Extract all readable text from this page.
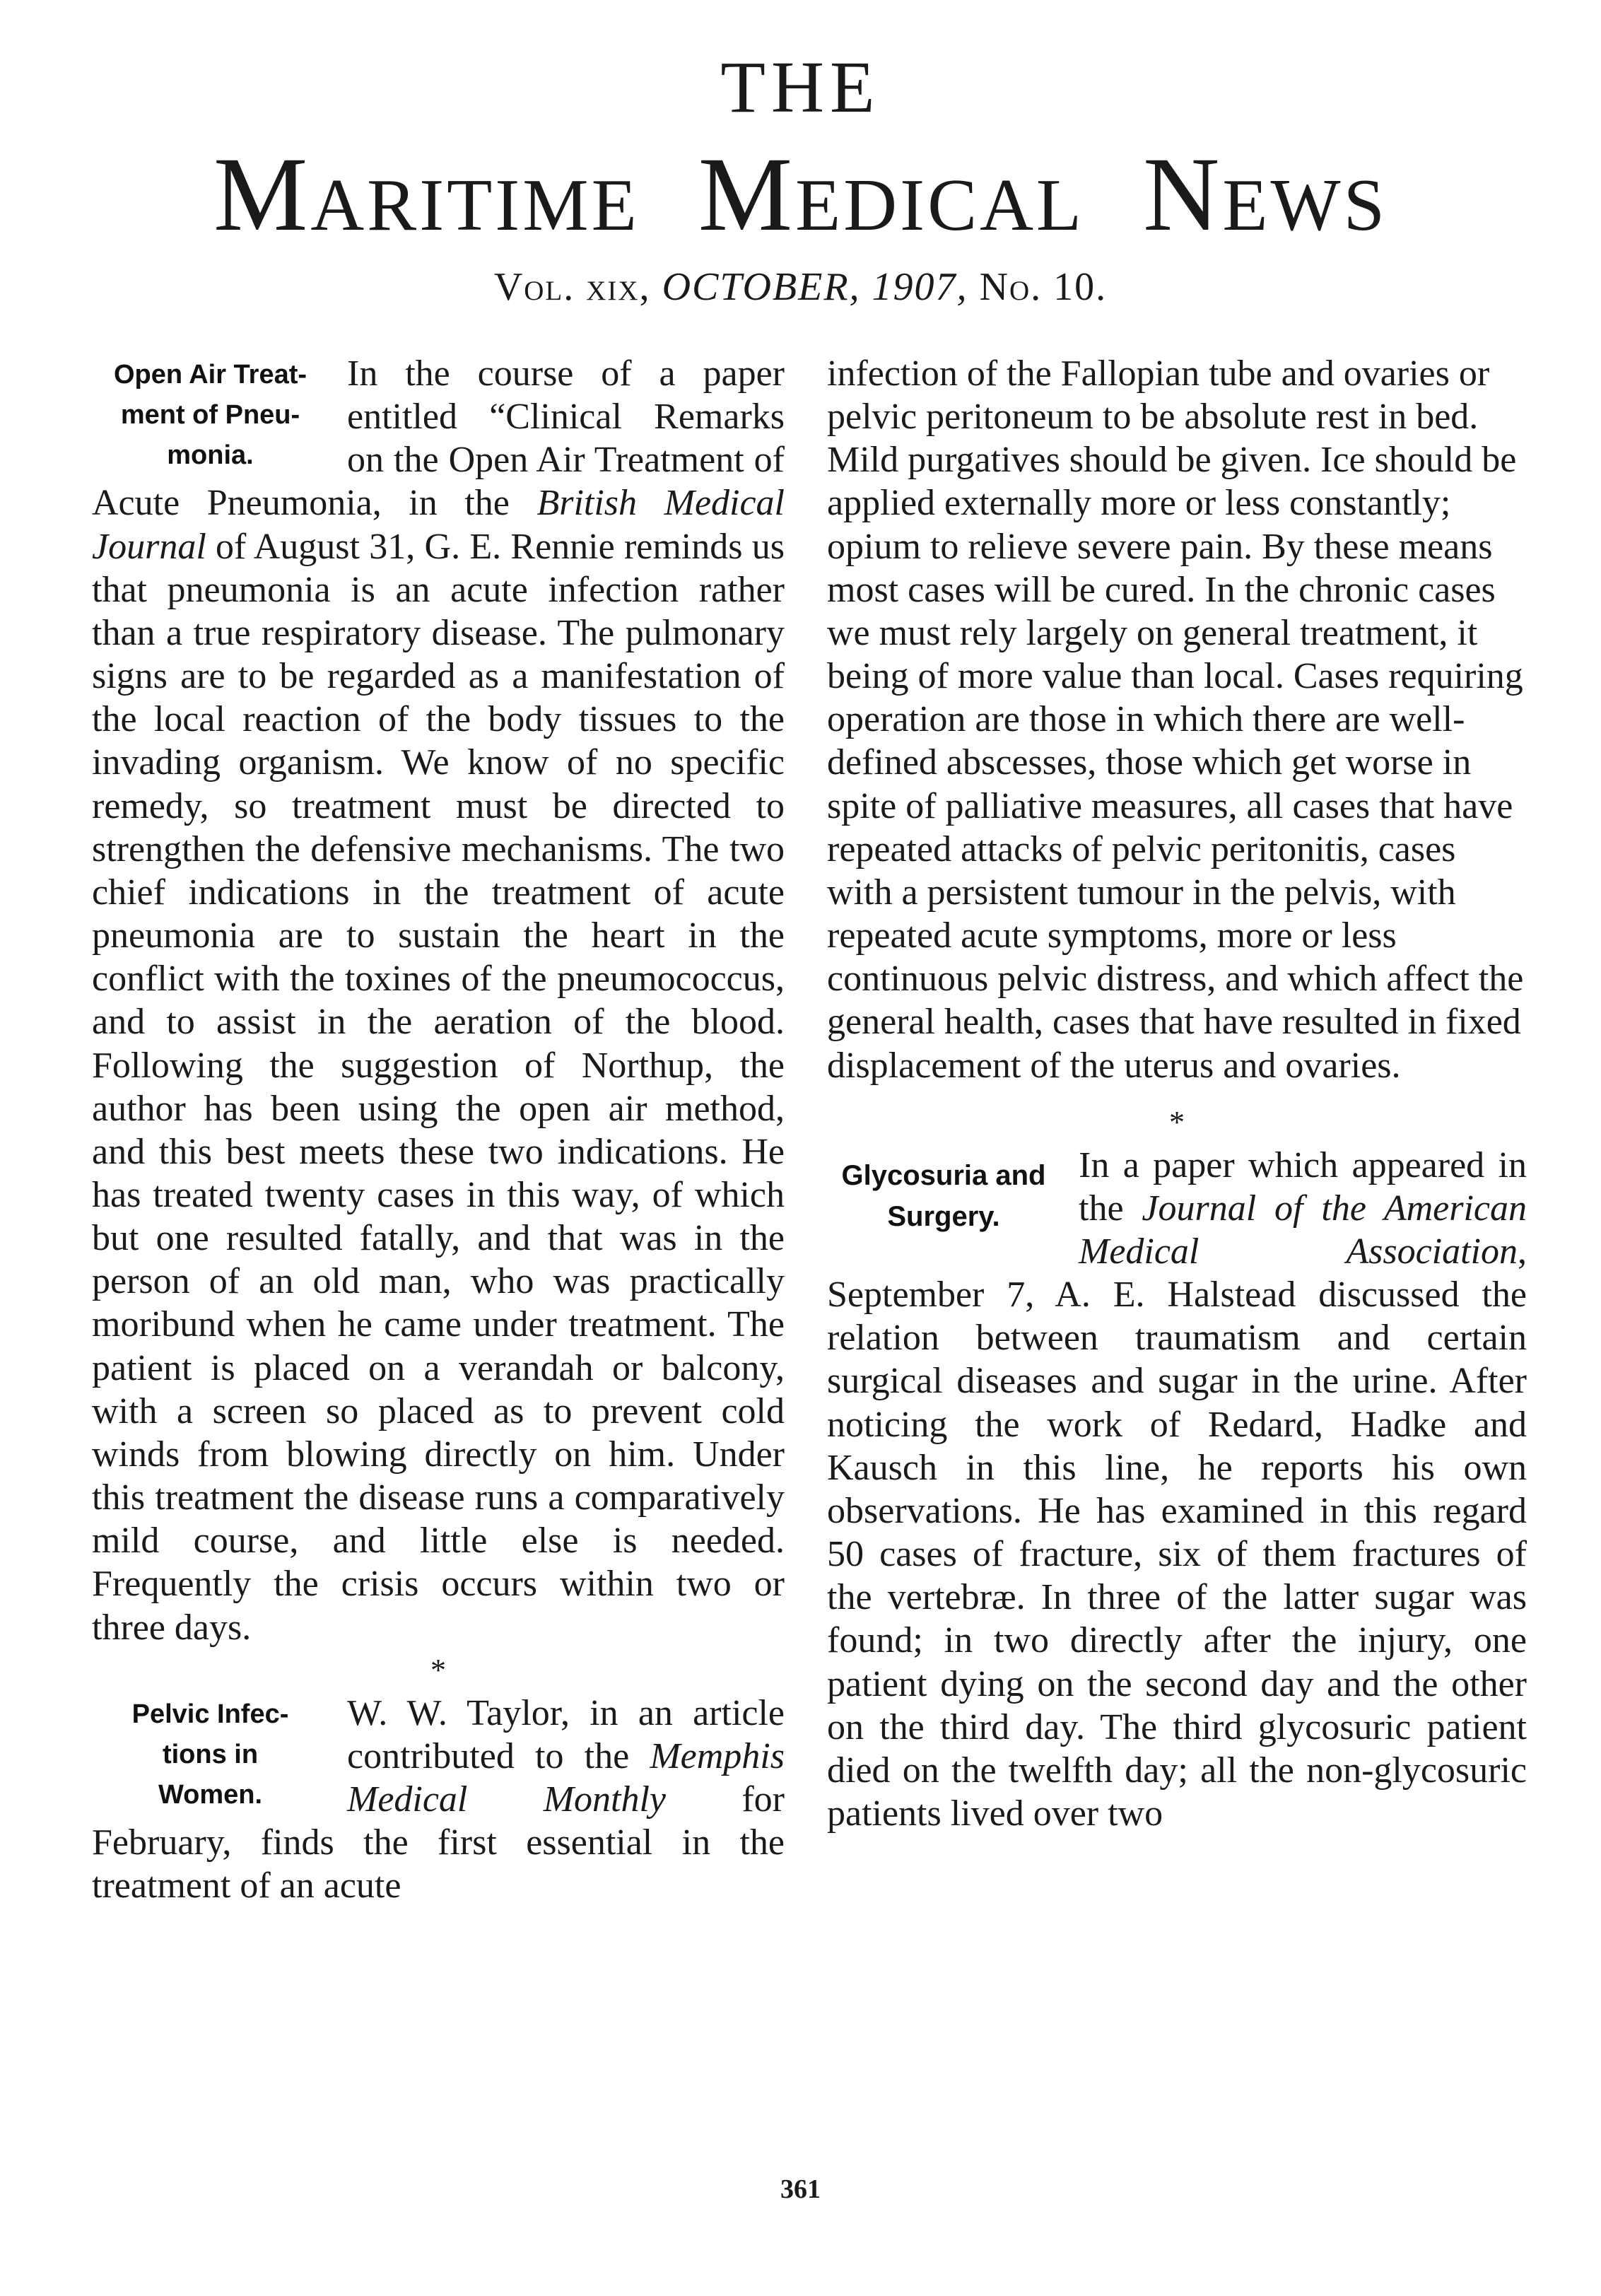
THE
Maritime Medical News
Vol. xix, OCTOBER, 1907, No. 10.

Open Air Treat-
ment of Pneu-
monia.
In the course of a paper entitled “Clinical Remarks on the Open Air Treatment of Acute Pneumonia, in the British Medical Journal of August 31, G. E. Rennie reminds us that pneumonia is an acute infection rather than a true respiratory disease. The pulmonary signs are to be regarded as a manifestation of the local reaction of the body tissues to the invading organism. We know of no specific remedy, so treatment must be directed to strengthen the defensive mechanisms. The two chief indications in the treatment of acute pneumonia are to sustain the heart in the conflict with the toxines of the pneumococcus, and to assist in the aeration of the blood. Following the suggestion of Northup, the author has been using the open air method, and this best meets these two indications. He has treated twenty cases in this way, of which but one resulted fatally, and that was in the person of an old man, who was practically moribund when he came under treatment. The patient is placed on a verandah or balcony, with a screen so placed as to prevent cold winds from blowing directly on him. Under this treatment the disease runs a comparatively mild course, and little else is needed. Frequently the crisis occurs within two or three days.

*

Pelvic Infec-
tions in
Women.
W. W. Taylor, in an article contributed to the Memphis Medical Monthly for February, finds the first essential in the treatment of an acute

infection of the Fallopian tube and ovaries or pelvic peritoneum to be absolute rest in bed. Mild purgatives should be given. Ice should be applied externally more or less constantly; opium to relieve severe pain. By these means most cases will be cured. In the chronic cases we must rely largely on general treatment, it being of more value than local. Cases requiring operation are those in which there are well-defined abscesses, those which get worse in spite of palliative measures, all cases that have repeated attacks of pelvic peritonitis, cases with a persistent tumour in the pelvis, with repeated acute symptoms, more or less continuous pelvic distress, and which affect the general health, cases that have resulted in fixed displacement of the uterus and ovaries.

*

Glycosuria and
Surgery.
In a paper which appeared in the Journal of the American Medical Association, September 7, A. E. Halstead discussed the relation between traumatism and certain surgical diseases and sugar in the urine. After noticing the work of Redard, Hadke and Kausch in this line, he reports his own observations. He has examined in this regard 50 cases of fracture, six of them fractures of the vertebræ. In three of the latter sugar was found; in two directly after the injury, one patient dying on the second day and the other on the third day. The third glycosuric patient died on the twelfth day; all the non-glycosuric patients lived over two

361
